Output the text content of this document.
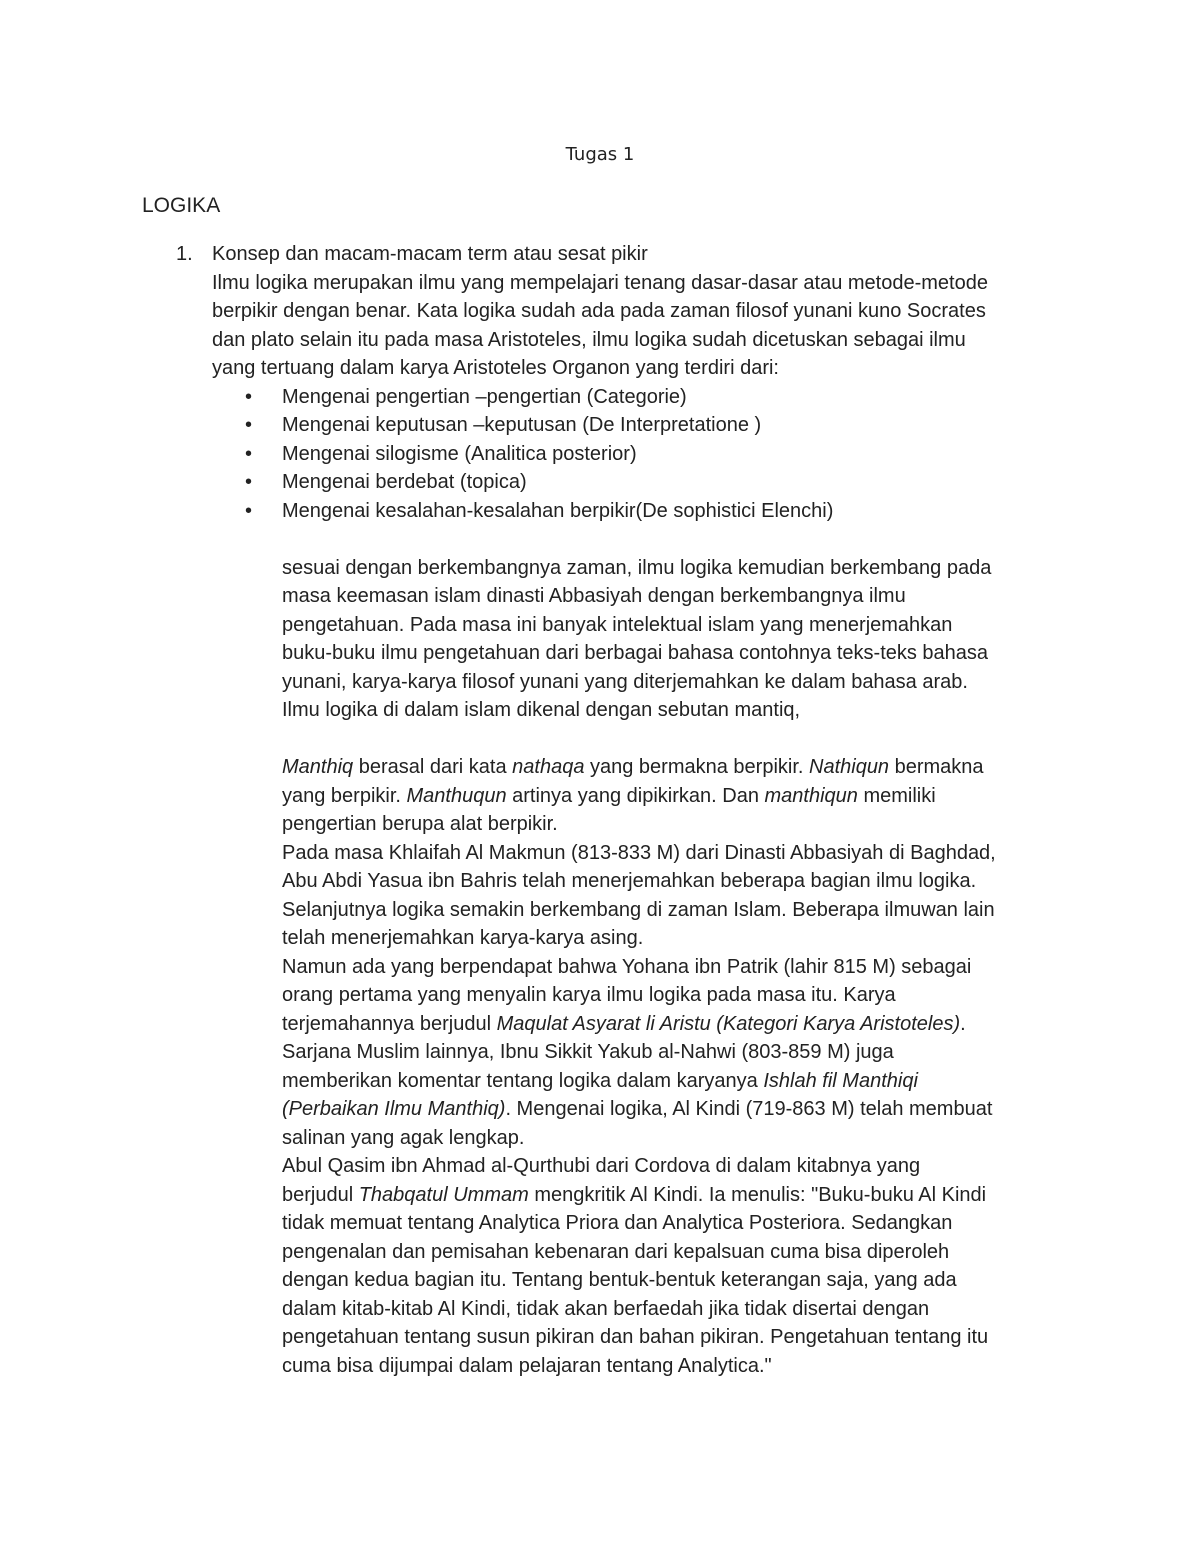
Tugas 1
LOGIKA
1. Konsep dan macam-macam term atau sesat pikir
Ilmu logika merupakan ilmu yang mempelajari tenang dasar-dasar atau metode-metode
berpikir dengan benar. Kata logika sudah ada pada zaman filosof yunani kuno Socrates
dan plato selain itu pada masa Aristoteles, ilmu logika sudah dicetuskan sebagai ilmu
yang tertuang dalam karya Aristoteles Organon yang terdiri dari:
• Mengenai pengertian –pengertian (Categorie)
• Mengenai keputusan –keputusan (De Interpretatione )
• Mengenai silogisme (Analitica posterior)
• Mengenai berdebat (topica)
• Mengenai kesalahan-kesalahan berpikir(De sophistici Elenchi)
sesuai dengan berkembangnya zaman, ilmu logika kemudian berkembang pada
masa keemasan islam dinasti Abbasiyah dengan berkembangnya ilmu
pengetahuan. Pada masa ini banyak intelektual islam yang menerjemahkan
buku-buku ilmu pengetahuan dari berbagai bahasa contohnya teks-teks bahasa
yunani, karya-karya filosof yunani yang diterjemahkan ke dalam bahasa arab.
Ilmu logika di dalam islam dikenal dengan sebutan mantiq,
Manthiq berasal dari kata nathaqa yang bermakna berpikir. Nathiqun bermakna
yang berpikir. Manthuqun artinya yang dipikirkan. Dan manthiqun memiliki
pengertian berupa alat berpikir.
Pada masa Khlaifah Al Makmun (813-833 M) dari Dinasti Abbasiyah di Baghdad,
Abu Abdi Yasua ibn Bahris telah menerjemahkan beberapa bagian ilmu logika.
Selanjutnya logika semakin berkembang di zaman Islam. Beberapa ilmuwan lain
telah menerjemahkan karya-karya asing.
Namun ada yang berpendapat bahwa Yohana ibn Patrik (lahir 815 M) sebagai
orang pertama yang menyalin karya ilmu logika pada masa itu. Karya
terjemahannya berjudul Maqulat Asyarat li Aristu (Kategori Karya Aristoteles).
Sarjana Muslim lainnya, Ibnu Sikkit Yakub al-Nahwi (803-859 M) juga
memberikan komentar tentang logika dalam karyanya Ishlah fil Manthiqi
(Perbaikan Ilmu Manthiq). Mengenai logika, Al Kindi (719-863 M) telah membuat
salinan yang agak lengkap.
Abul Qasim ibn Ahmad al-Qurthubi dari Cordova di dalam kitabnya yang
berjudul Thabqatul Ummam mengkritik Al Kindi. Ia menulis: "Buku-buku Al Kindi
tidak memuat tentang Analytica Priora dan Analytica Posteriora. Sedangkan
pengenalan dan pemisahan kebenaran dari kepalsuan cuma bisa diperoleh
dengan kedua bagian itu. Tentang bentuk-bentuk keterangan saja, yang ada
dalam kitab-kitab Al Kindi, tidak akan berfaedah jika tidak disertai dengan
pengetahuan tentang susun pikiran dan bahan pikiran. Pengetahuan tentang itu
cuma bisa dijumpai dalam pelajaran tentang Analytica."
